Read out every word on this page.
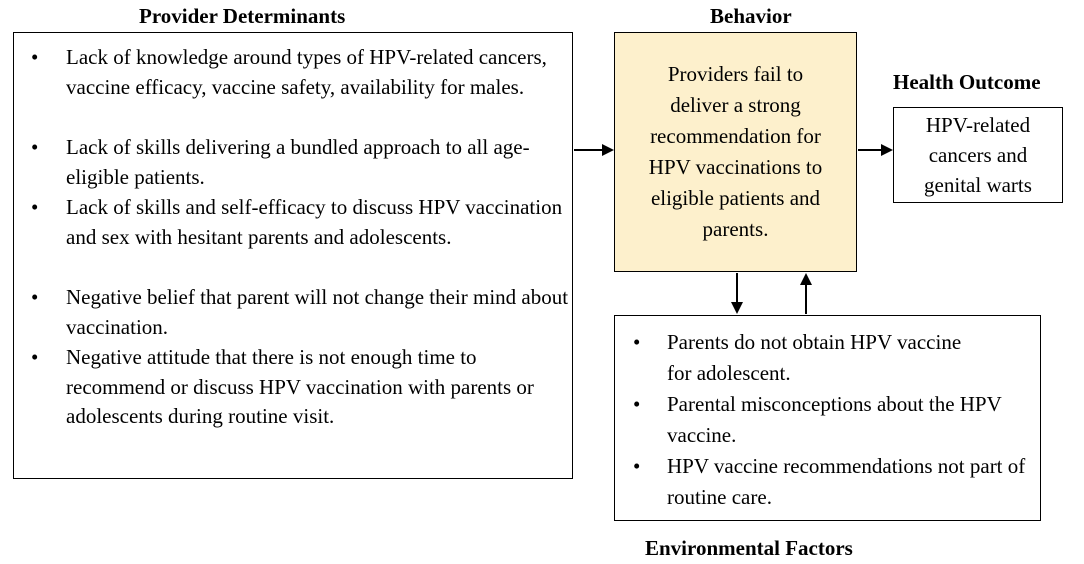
Provider Determinants	Behavior
Health Outcome
Environmental Factors
• Lack of knowledge around types of HPV-related cancers, vaccine efficacy, vaccine safety, availability for males.
• Lack of skills delivering a bundled approach to all age-eligible patients.
• Lack of skills and self-efficacy to discuss HPV vaccination and sex with hesitant parents and adolescents.
• Negative belief that parent will not change their mind about vaccination.
• Negative attitude that there is not enough time to recommend or discuss HPV vaccination with parents or adolescents during routine visit.
Providers fail to deliver a strong recommendation for HPV vaccinations to eligible patients and parents.
HPV-related cancers and genital warts
• Parents do not obtain HPV vaccine for adolescent.
• Parental misconceptions about the HPV vaccine.
• HPV vaccine recommendations not part of routine care.
